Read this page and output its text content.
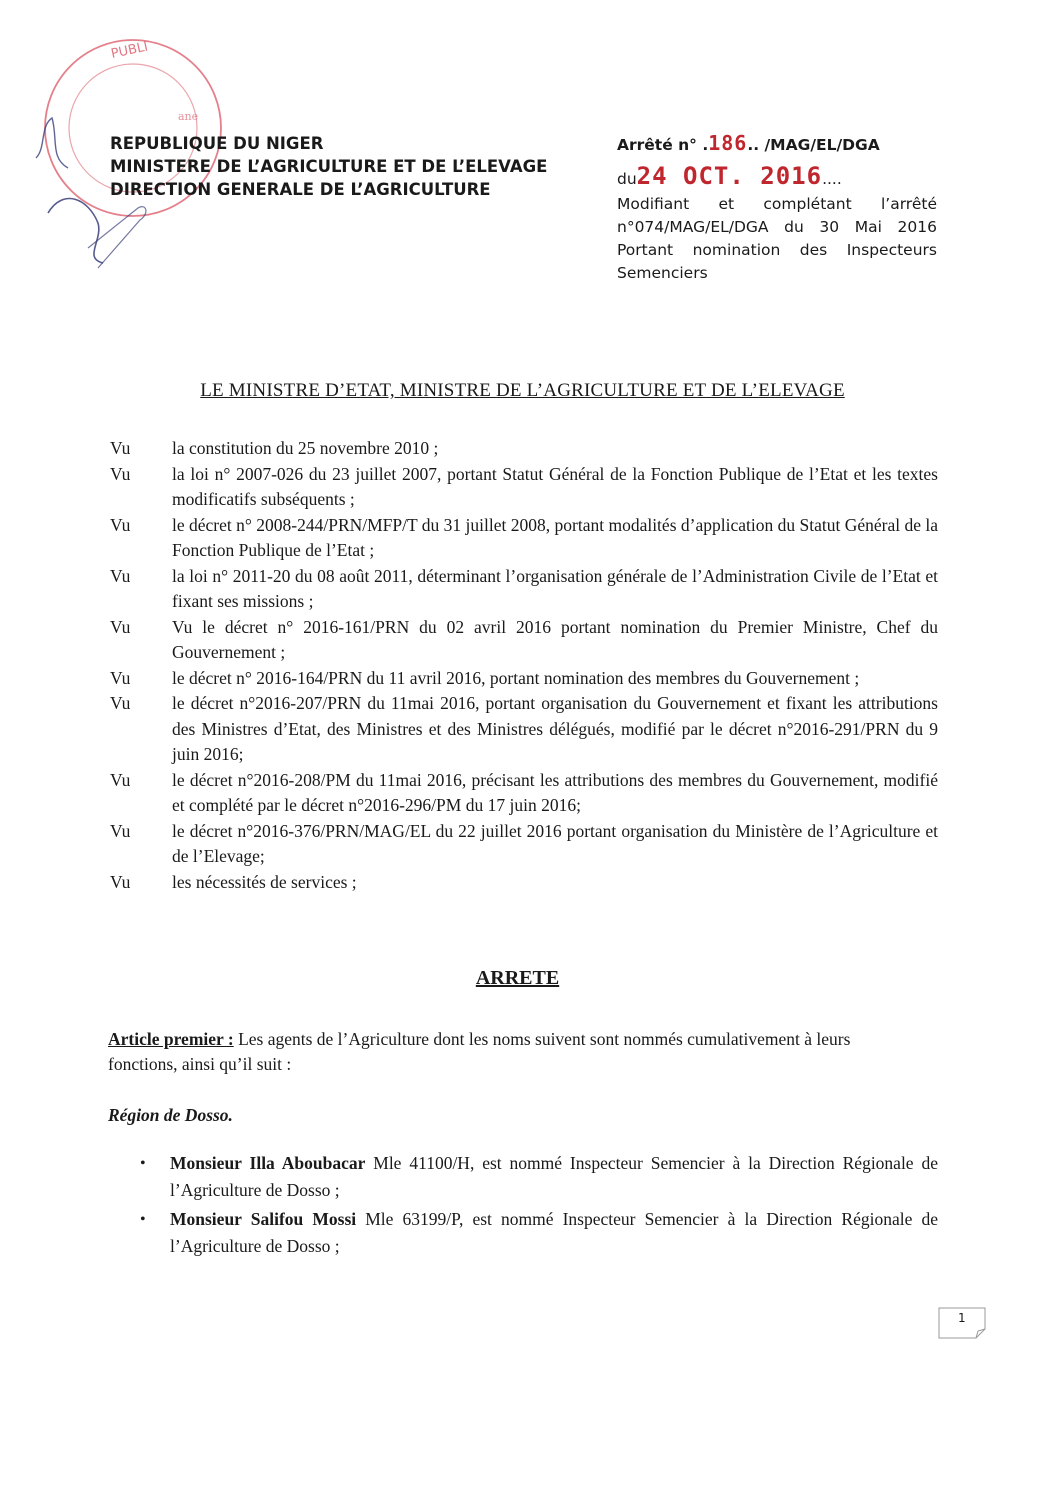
PUBLI
ane
REPUBLIQUE DU NIGER
MINISTERE DE L’AGRICULTURE ET DE L’ELEVAGE
DIRECTION GENERALE DE L’AGRICULTURE
Arrêté n° .186.. /MAG/EL/DGA
du24 OCT. 2016....
Modifiant et complétant l’arrêté n°074/MAG/EL/DGA du 30 Mai 2016 Portant nomination des Inspecteurs Semenciers
LE MINISTRE D’ETAT, MINISTRE DE L’AGRICULTURE ET DE L’ELEVAGE
Vu	la constitution du 25 novembre 2010 ;
Vu	la loi n° 2007-026 du 23 juillet 2007, portant Statut Général de la Fonction Publique de l’Etat et les textes modificatifs subséquents ;
Vu	le décret n° 2008-244/PRN/MFP/T du 31 juillet 2008, portant modalités d’application du Statut Général de la Fonction Publique de l’Etat ;
Vu	la loi n° 2011-20 du 08 août 2011, déterminant l’organisation générale de l’Administration Civile de l’Etat et fixant ses missions ;
Vu	Vu le décret n° 2016-161/PRN du 02 avril 2016 portant nomination du Premier Ministre, Chef du Gouvernement ;
Vu	le décret n° 2016-164/PRN du 11 avril 2016, portant nomination des membres du Gouvernement ;
Vu	le décret n°2016-207/PRN du 11mai 2016, portant organisation du Gouvernement et fixant les attributions des Ministres d’Etat, des Ministres et des Ministres délégués, modifié par le décret n°2016-291/PRN du 9 juin 2016;
Vu	le décret n°2016-208/PM du 11mai 2016, précisant les attributions des membres du Gouvernement, modifié et complété par le décret n°2016-296/PM du 17 juin 2016;
Vu	le décret n°2016-376/PRN/MAG/EL du 22 juillet 2016 portant organisation du Ministère de l’Agriculture et de l’Elevage;
Vu	les nécessités de services ;
ARRETE
Article premier : Les agents de l’Agriculture dont les noms suivent sont nommés cumulativement à leurs fonctions, ainsi qu’il suit :
Région de Dosso.
•	Monsieur Illa Aboubacar Mle 41100/H, est nommé Inspecteur Semencier à la Direction Régionale de l’Agriculture de Dosso ;
•	Monsieur Salifou Mossi Mle 63199/P, est nommé Inspecteur Semencier à la Direction Régionale de l’Agriculture de Dosso ;
1
